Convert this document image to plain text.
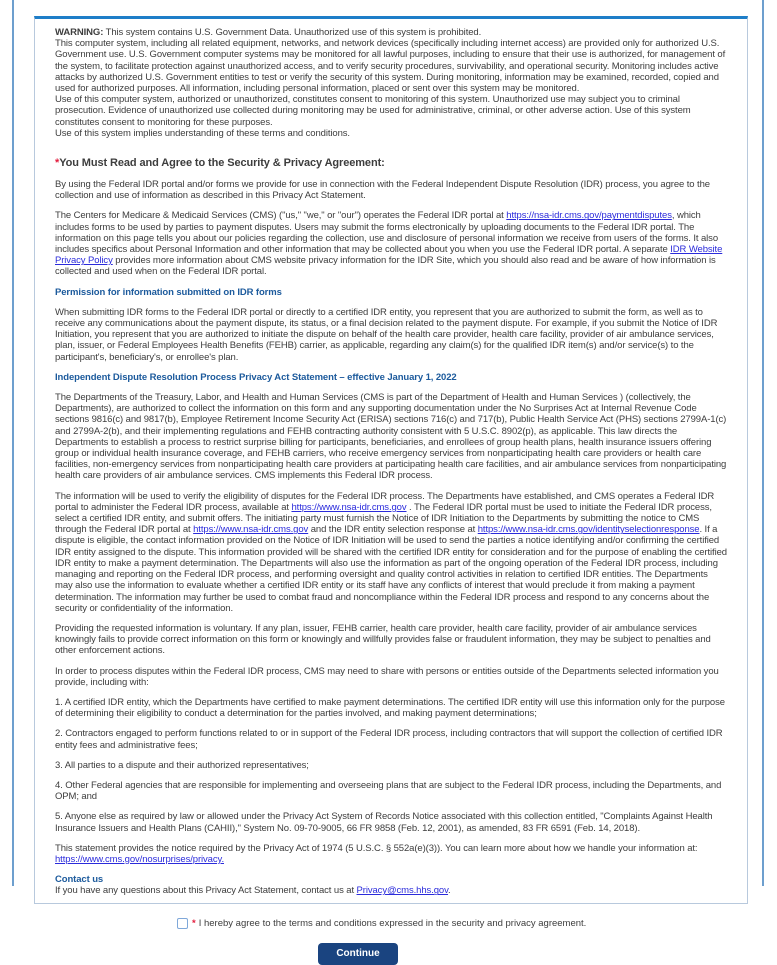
WARNING: This system contains U.S. Government Data. Unauthorized use of this system is prohibited.
This computer system, including all related equipment, networks, and network devices (specifically including internet access) are provided only for authorized U.S. Government use. U.S. Government computer systems may be monitored for all lawful purposes, including to ensure that their use is authorized, for management of the system, to facilitate protection against unauthorized access, and to verify security procedures, survivability, and operational security. Monitoring includes active attacks by authorized U.S. Government entities to test or verify the security of this system. During monitoring, information may be examined, recorded, copied and used for authorized purposes. All information, including personal information, placed or sent over this system may be monitored.
Use of this computer system, authorized or unauthorized, constitutes consent to monitoring of this system. Unauthorized use may subject you to criminal prosecution. Evidence of unauthorized use collected during monitoring may be used for administrative, criminal, or other adverse action. Use of this system constitutes consent to monitoring for these purposes.
Use of this system implies understanding of these terms and conditions.
*You Must Read and Agree to the Security & Privacy Agreement:
By using the Federal IDR portal and/or forms we provide for use in connection with the Federal Independent Dispute Resolution (IDR) process, you agree to the collection and use of information as described in this Privacy Act Statement.
The Centers for Medicare & Medicaid Services (CMS) ("us," "we," or "our") operates the Federal IDR portal at https://nsa-idr.cms.gov/paymentdisputes, which includes forms to be used by parties to payment disputes. Users may submit the forms electronically by uploading documents to the Federal IDR portal. The information on this page tells you about our policies regarding the collection, use and disclosure of personal information we receive from users of the forms. It also includes specifics about Personal Information and other information that may be collected about you when you use the Federal IDR portal. A separate IDR Website Privacy Policy provides more information about CMS website privacy information for the IDR Site, which you should also read and be aware of how information is collected and used when on the Federal IDR portal.
Permission for information submitted on IDR forms
When submitting IDR forms to the Federal IDR portal or directly to a certified IDR entity, you represent that you are authorized to submit the form, as well as to receive any communications about the payment dispute, its status, or a final decision related to the payment dispute. For example, if you submit the Notice of IDR Initiation, you represent that you are authorized to initiate the dispute on behalf of the health care provider, health care facility, provider of air ambulance services, plan, issuer, or Federal Employees Health Benefits (FEHB) carrier, as applicable, regarding any claim(s) for the qualified IDR item(s) and/or service(s) to the participant's, beneficiary's, or enrollee's plan.
Independent Dispute Resolution Process Privacy Act Statement – effective January 1, 2022
The Departments of the Treasury, Labor, and Health and Human Services (CMS is part of the Department of Health and Human Services ) (collectively, the Departments), are authorized to collect the information on this form and any supporting documentation under the No Surprises Act at Internal Revenue Code sections 9816(c) and 9817(b), Employee Retirement Income Security Act (ERISA) sections 716(c) and 717(b), Public Health Service Act (PHS) sections 2799A-1(c) and 2799A-2(b), and their implementing regulations and FEHB contracting authority consistent with 5 U.S.C. 8902(p), as applicable. This law directs the Departments to establish a process to restrict surprise billing for participants, beneficiaries, and enrollees of group health plans, health insurance issuers offering group or individual health insurance coverage, and FEHB carriers, who receive emergency services from nonparticipating health care providers or health care facilities, non-emergency services from nonparticipating health care providers at participating health care facilities, and air ambulance services from nonparticipating health care providers of air ambulance services. CMS implements this Federal IDR process.
The information will be used to verify the eligibility of disputes for the Federal IDR process. The Departments have established, and CMS operates a Federal IDR portal to administer the Federal IDR process, available at https://www.nsa-idr.cms.gov . The Federal IDR portal must be used to initiate the Federal IDR process, select a certified IDR entity, and submit offers. The initiating party must furnish the Notice of IDR Initiation to the Departments by submitting the notice to CMS through the Federal IDR portal at https://www.nsa-idr.cms.gov and the IDR entity selection response at https://www.nsa-idr.cms.gov/identityselectionresponse. If a dispute is eligible, the contact information provided on the Notice of IDR Initiation will be used to send the parties a notice identifying and/or confirming the certified IDR entity assigned to the dispute. This information provided will be shared with the certified IDR entity for consideration and for the purpose of enabling the certified IDR entity to make a payment determination. The Departments will also use the information as part of the ongoing operation of the Federal IDR process, including managing and reporting on the Federal IDR process, and performing oversight and quality control activities in relation to certified IDR entities. The Departments may also use the information to evaluate whether a certified IDR entity or its staff have any conflicts of interest that would preclude it from making a payment determination. The information may further be used to combat fraud and noncompliance within the Federal IDR process and respond to any concerns about the security or confidentiality of the information.
Providing the requested information is voluntary. If any plan, issuer, FEHB carrier, health care provider, health care facility, provider of air ambulance services knowingly fails to provide correct information on this form or knowingly and willfully provides false or fraudulent information, they may be subject to penalties and other enforcement actions.
In order to process disputes within the Federal IDR process, CMS may need to share with persons or entities outside of the Departments selected information you provide, including with:
1. A certified IDR entity, which the Departments have certified to make payment determinations. The certified IDR entity will use this information only for the purpose of determining their eligibility to conduct a determination for the parties involved, and making payment determinations;
2. Contractors engaged to perform functions related to or in support of the Federal IDR process, including contractors that will support the collection of certified IDR entity fees and administrative fees;
3. All parties to a dispute and their authorized representatives;
4. Other Federal agencies that are responsible for implementing and overseeing plans that are subject to the Federal IDR process, including the Departments, and OPM; and
5. Anyone else as required by law or allowed under the Privacy Act System of Records Notice associated with this collection entitled, "Complaints Against Health Insurance Issuers and Health Plans (CAHII)," System No. 09-70-9005, 66 FR 9858 (Feb. 12, 2001), as amended, 83 FR 6591 (Feb. 14, 2018).
This statement provides the notice required by the Privacy Act of 1974 (5 U.S.C. § 552a(e)(3)). You can learn more about how we handle your information at:
https://www.cms.gov/nosurprises/privacy.
Contact us
If you have any questions about this Privacy Act Statement, contact us at Privacy@cms.hhs.gov.
* I hereby agree to the terms and conditions expressed in the security and privacy agreement.
Continue
